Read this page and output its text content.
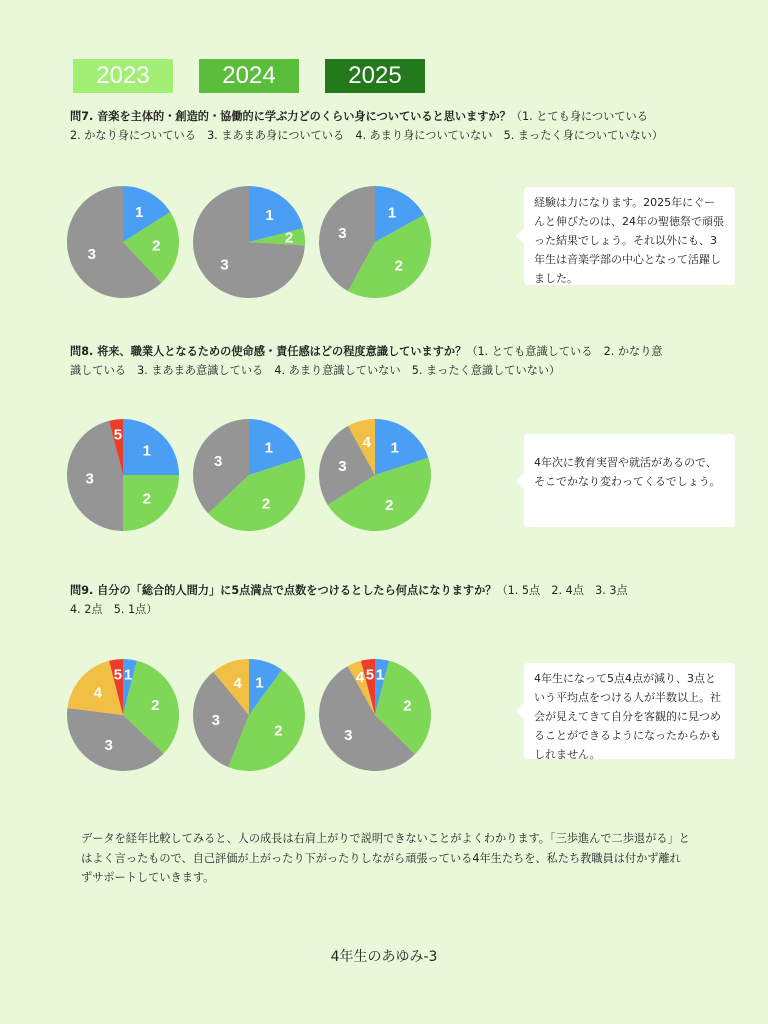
2023	2024	2025
問7. 音楽を主体的・創造的・協働的に学ぶ力どのくらい身についていると思いますか？（1. とても身についている
2. かなり身についている　3. まあまあ身についている　4. あまり身についていない　5. まったく身についていない）
1
2
3
1
2
3
1
2
3
経験は力になります。2025年にぐーんと伸びたのは、24年の聖徳祭で頑張った結果でしょう。それ以外にも、3年生は音楽学部の中心となって活躍しました。
問8. 将来、職業人となるための使命感・責任感はどの程度意識していますか？（1. とても意識している　2. かなり意
識している　3. まあまあ意識している　4. あまり意識していない　5. まったく意識していない）
1
2
3
5
1
2
3
1
2
3
4
4年次に教育実習や就活があるので、そこでかなり変わってくるでしょう。
問9. 自分の「総合的人間力」に5点満点で点数をつけるとしたら何点になりますか？（1. 5点　2. 4点　3. 3点
4. 2点　5. 1点）
1
2
3
4
5	1
2
3
4	1
2
3
4 5	4年生になって5点4点が減り、3点という平均点をつける人が半数以上。社会が見えてきて自分を客観的に見つめることができるようになったからかもしれません。
データを経年比較してみると、人の成長は右肩上がりで説明できないことがよくわかります。「三歩進んで二歩退がる」とはよく言ったもので、自己評価が上がったり下がったりしながら頑張っている4年生たちを、私たち教職員は付かず離れずサポートしていきます。
4年生のあゆみ-3
